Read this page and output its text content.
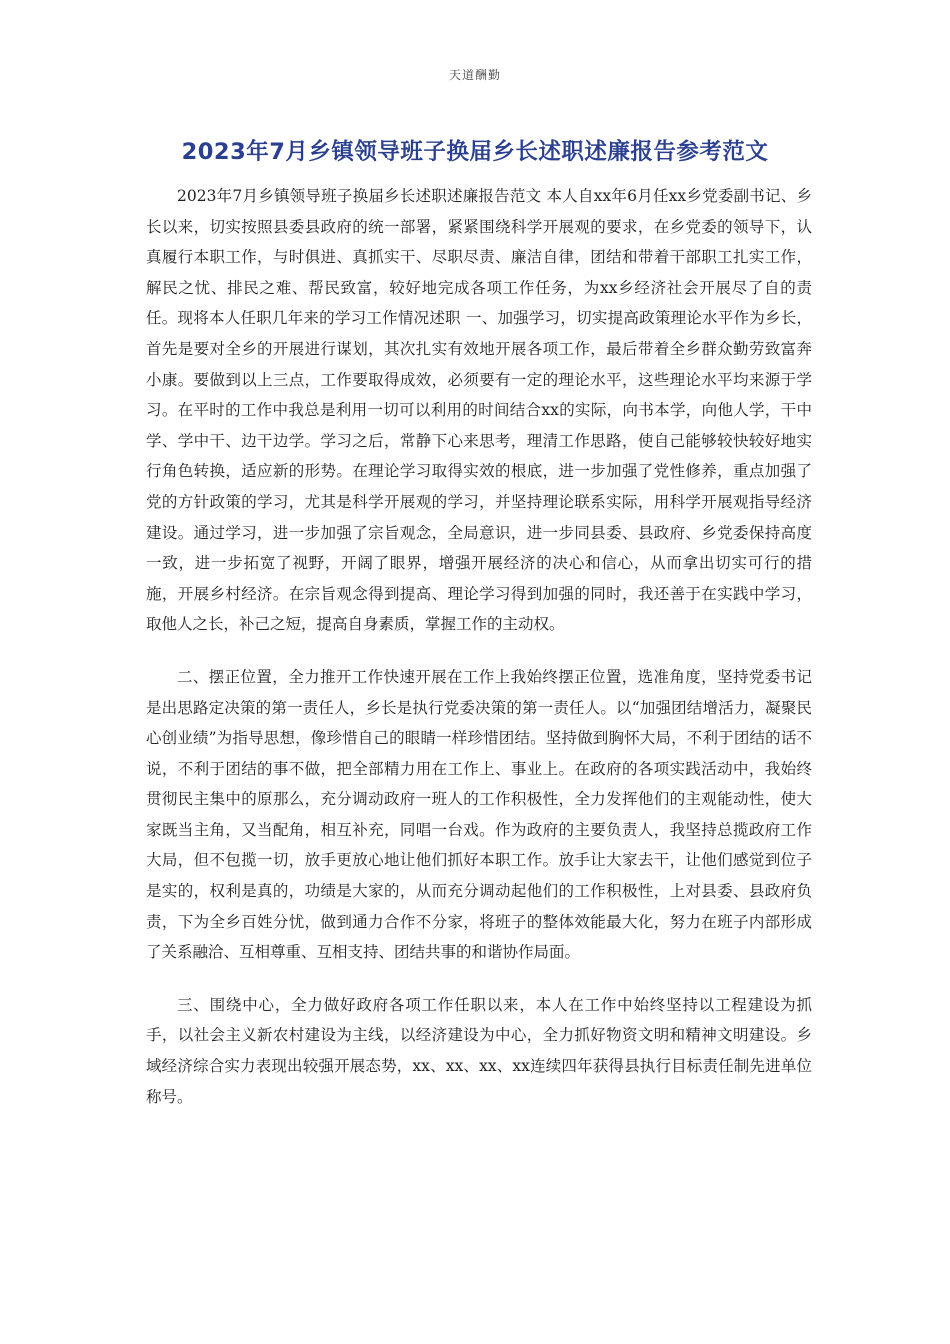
天道酬勤
2023年7月乡镇领导班子换届乡长述职述廉报告参考范文

2023年7月乡镇领导班子换届乡长述职述廉报告范文 本人自xx年6月任xx乡党委副书记、乡长以来，切实按照县委县政府的统一部署，紧紧围绕科学开展观的要求，在乡党委的领导下，认真履行本职工作，与时俱进、真抓实干、尽职尽责、廉洁自律，团结和带着干部职工扎实工作，解民之忧、排民之难、帮民致富，较好地完成各项工作任务，为xx乡经济社会开展尽了自的责任。现将本人任职几年来的学习工作情况述职 一、加强学习，切实提高政策理论水平作为乡长，首先是要对全乡的开展进行谋划，其次扎实有效地开展各项工作，最后带着全乡群众勤劳致富奔小康。要做到以上三点，工作要取得成效，必须要有一定的理论水平，这些理论水平均来源于学习。在平时的工作中我总是利用一切可以利用的时间结合xx的实际，向书本学，向他人学，干中学、学中干、边干边学。学习之后，常静下心来思考，理清工作思路，使自己能够较快较好地实行角色转换，适应新的形势。在理论学习取得实效的根底，进一步加强了党性修养，重点加强了党的方针政策的学习，尤其是科学开展观的学习，并坚持理论联系实际，用科学开展观指导经济建设。通过学习，进一步加强了宗旨观念，全局意识，进一步同县委、县政府、乡党委保持高度一致，进一步拓宽了视野，开阔了眼界，增强开展经济的决心和信心，从而拿出切实可行的措施，开展乡村经济。在宗旨观念得到提高、理论学习得到加强的同时，我还善于在实践中学习，取他人之长，补己之短，提高自身素质，掌握工作的主动权。

二、摆正位置，全力推开工作快速开展在工作上我始终摆正位置，选准角度，坚持党委书记是出思路定决策的第一责任人，乡长是执行党委决策的第一责任人。以“加强团结增活力，凝聚民心创业绩”为指导思想，像珍惜自己的眼睛一样珍惜团结。坚持做到胸怀大局，不利于团结的话不说，不利于团结的事不做，把全部精力用在工作上、事业上。在政府的各项实践活动中，我始终贯彻民主集中的原那么，充分调动政府一班人的工作积极性，全力发挥他们的主观能动性，使大家既当主角，又当配角，相互补充，同唱一台戏。作为政府的主要负责人，我坚持总揽政府工作大局，但不包揽一切，放手更放心地让他们抓好本职工作。放手让大家去干，让他们感觉到位子是实的，权利是真的，功绩是大家的，从而充分调动起他们的工作积极性，上对县委、县政府负责，下为全乡百姓分忧，做到通力合作不分家，将班子的整体效能最大化，努力在班子内部形成了关系融洽、互相尊重、互相支持、团结共事的和谐协作局面。

三、围绕中心，全力做好政府各项工作任职以来，本人在工作中始终坚持以工程建设为抓手，以社会主义新农村建设为主线，以经济建设为中心，全力抓好物资文明和精神文明建设。乡域经济综合实力表现出较强开展态势，xx、xx、xx、xx连续四年获得县执行目标责任制先进单位称号。
